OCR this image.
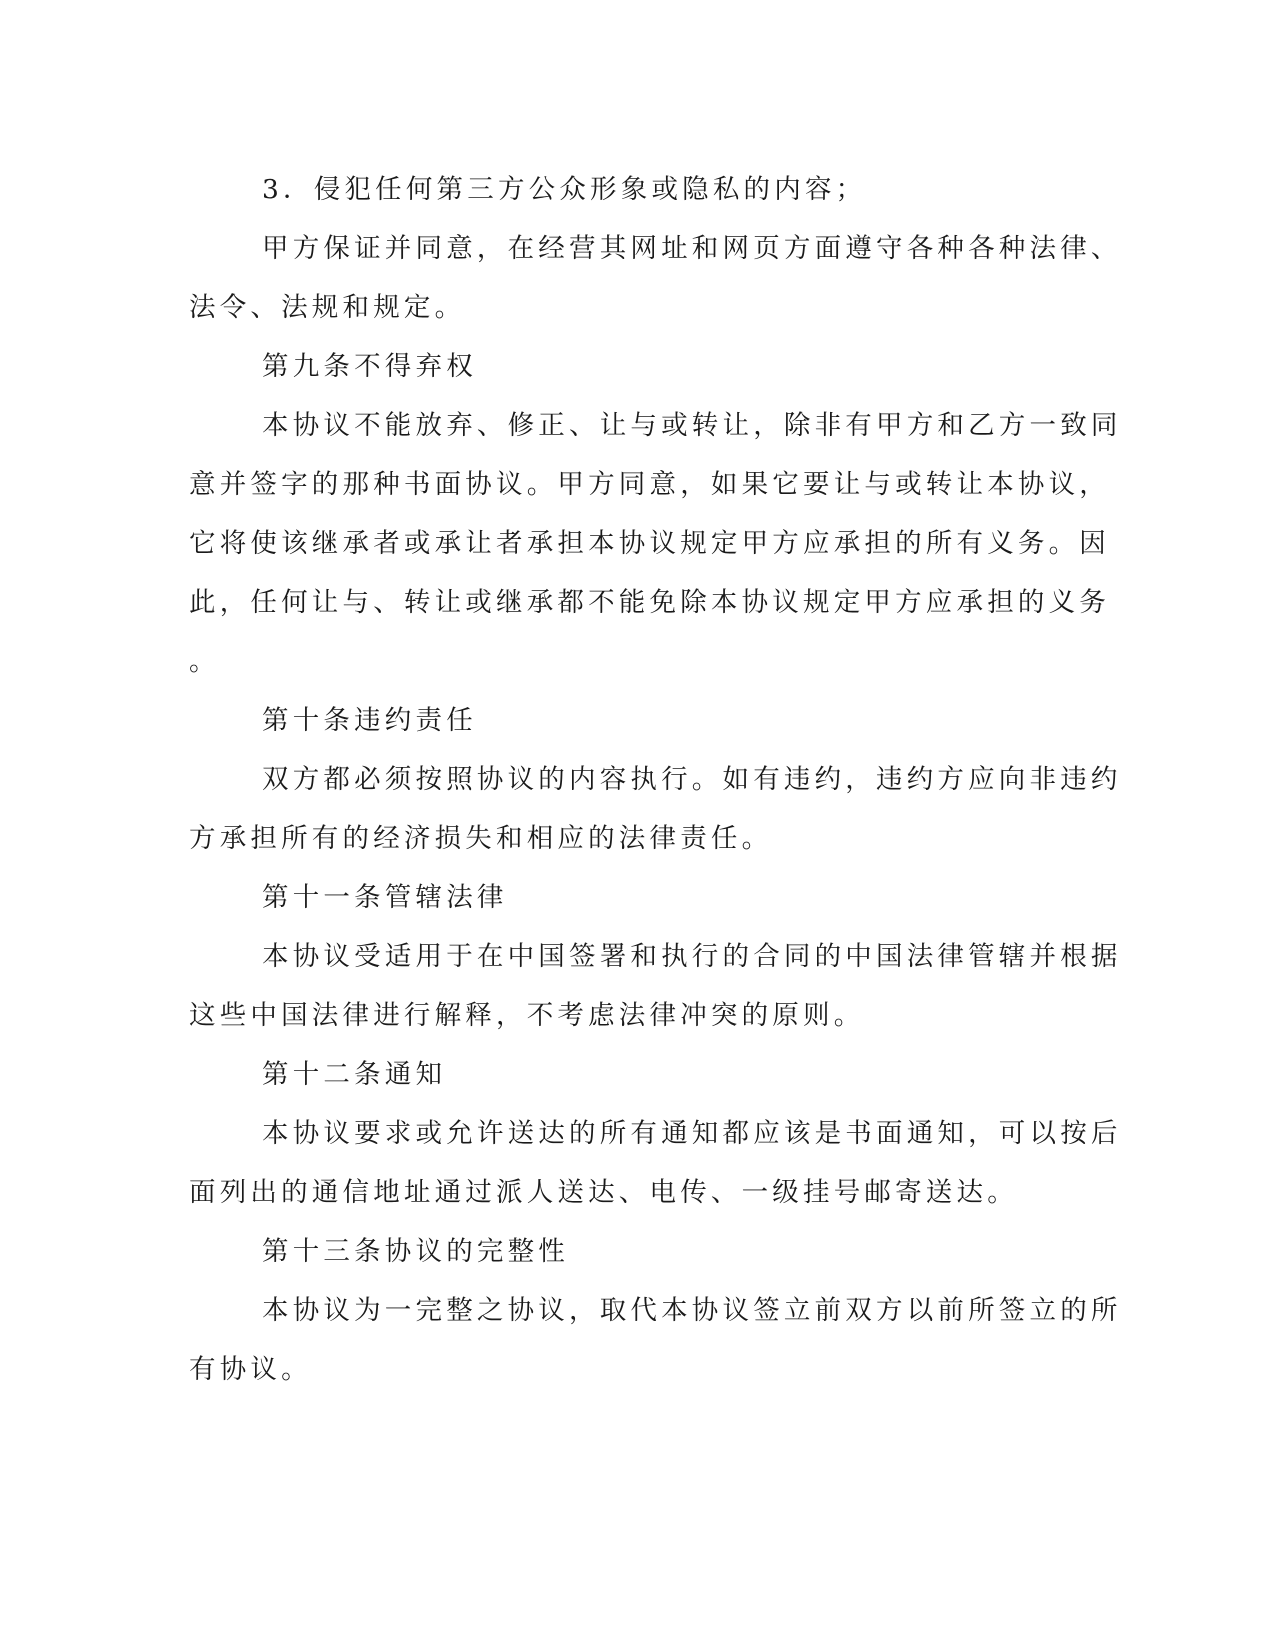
3．侵犯任何第三方公众形象或隐私的内容；
甲方保证并同意，在经营其网址和网页方面遵守各种各种法律、
法令、法规和规定。
第九条不得弃权
本协议不能放弃、修正、让与或转让，除非有甲方和乙方一致同
意并签字的那种书面协议。甲方同意，如果它要让与或转让本协议，
它将使该继承者或承让者承担本协议规定甲方应承担的所有义务。因
此，任何让与、转让或继承都不能免除本协议规定甲方应承担的义务
。
第十条违约责任
双方都必须按照协议的内容执行。如有违约，违约方应向非违约
方承担所有的经济损失和相应的法律责任。
第十一条管辖法律
本协议受适用于在中国签署和执行的合同的中国法律管辖并根据
这些中国法律进行解释，不考虑法律冲突的原则。
第十二条通知
本协议要求或允许送达的所有通知都应该是书面通知，可以按后
面列出的通信地址通过派人送达、电传、一级挂号邮寄送达。
第十三条协议的完整性
本协议为一完整之协议，取代本协议签立前双方以前所签立的所
有协议。
